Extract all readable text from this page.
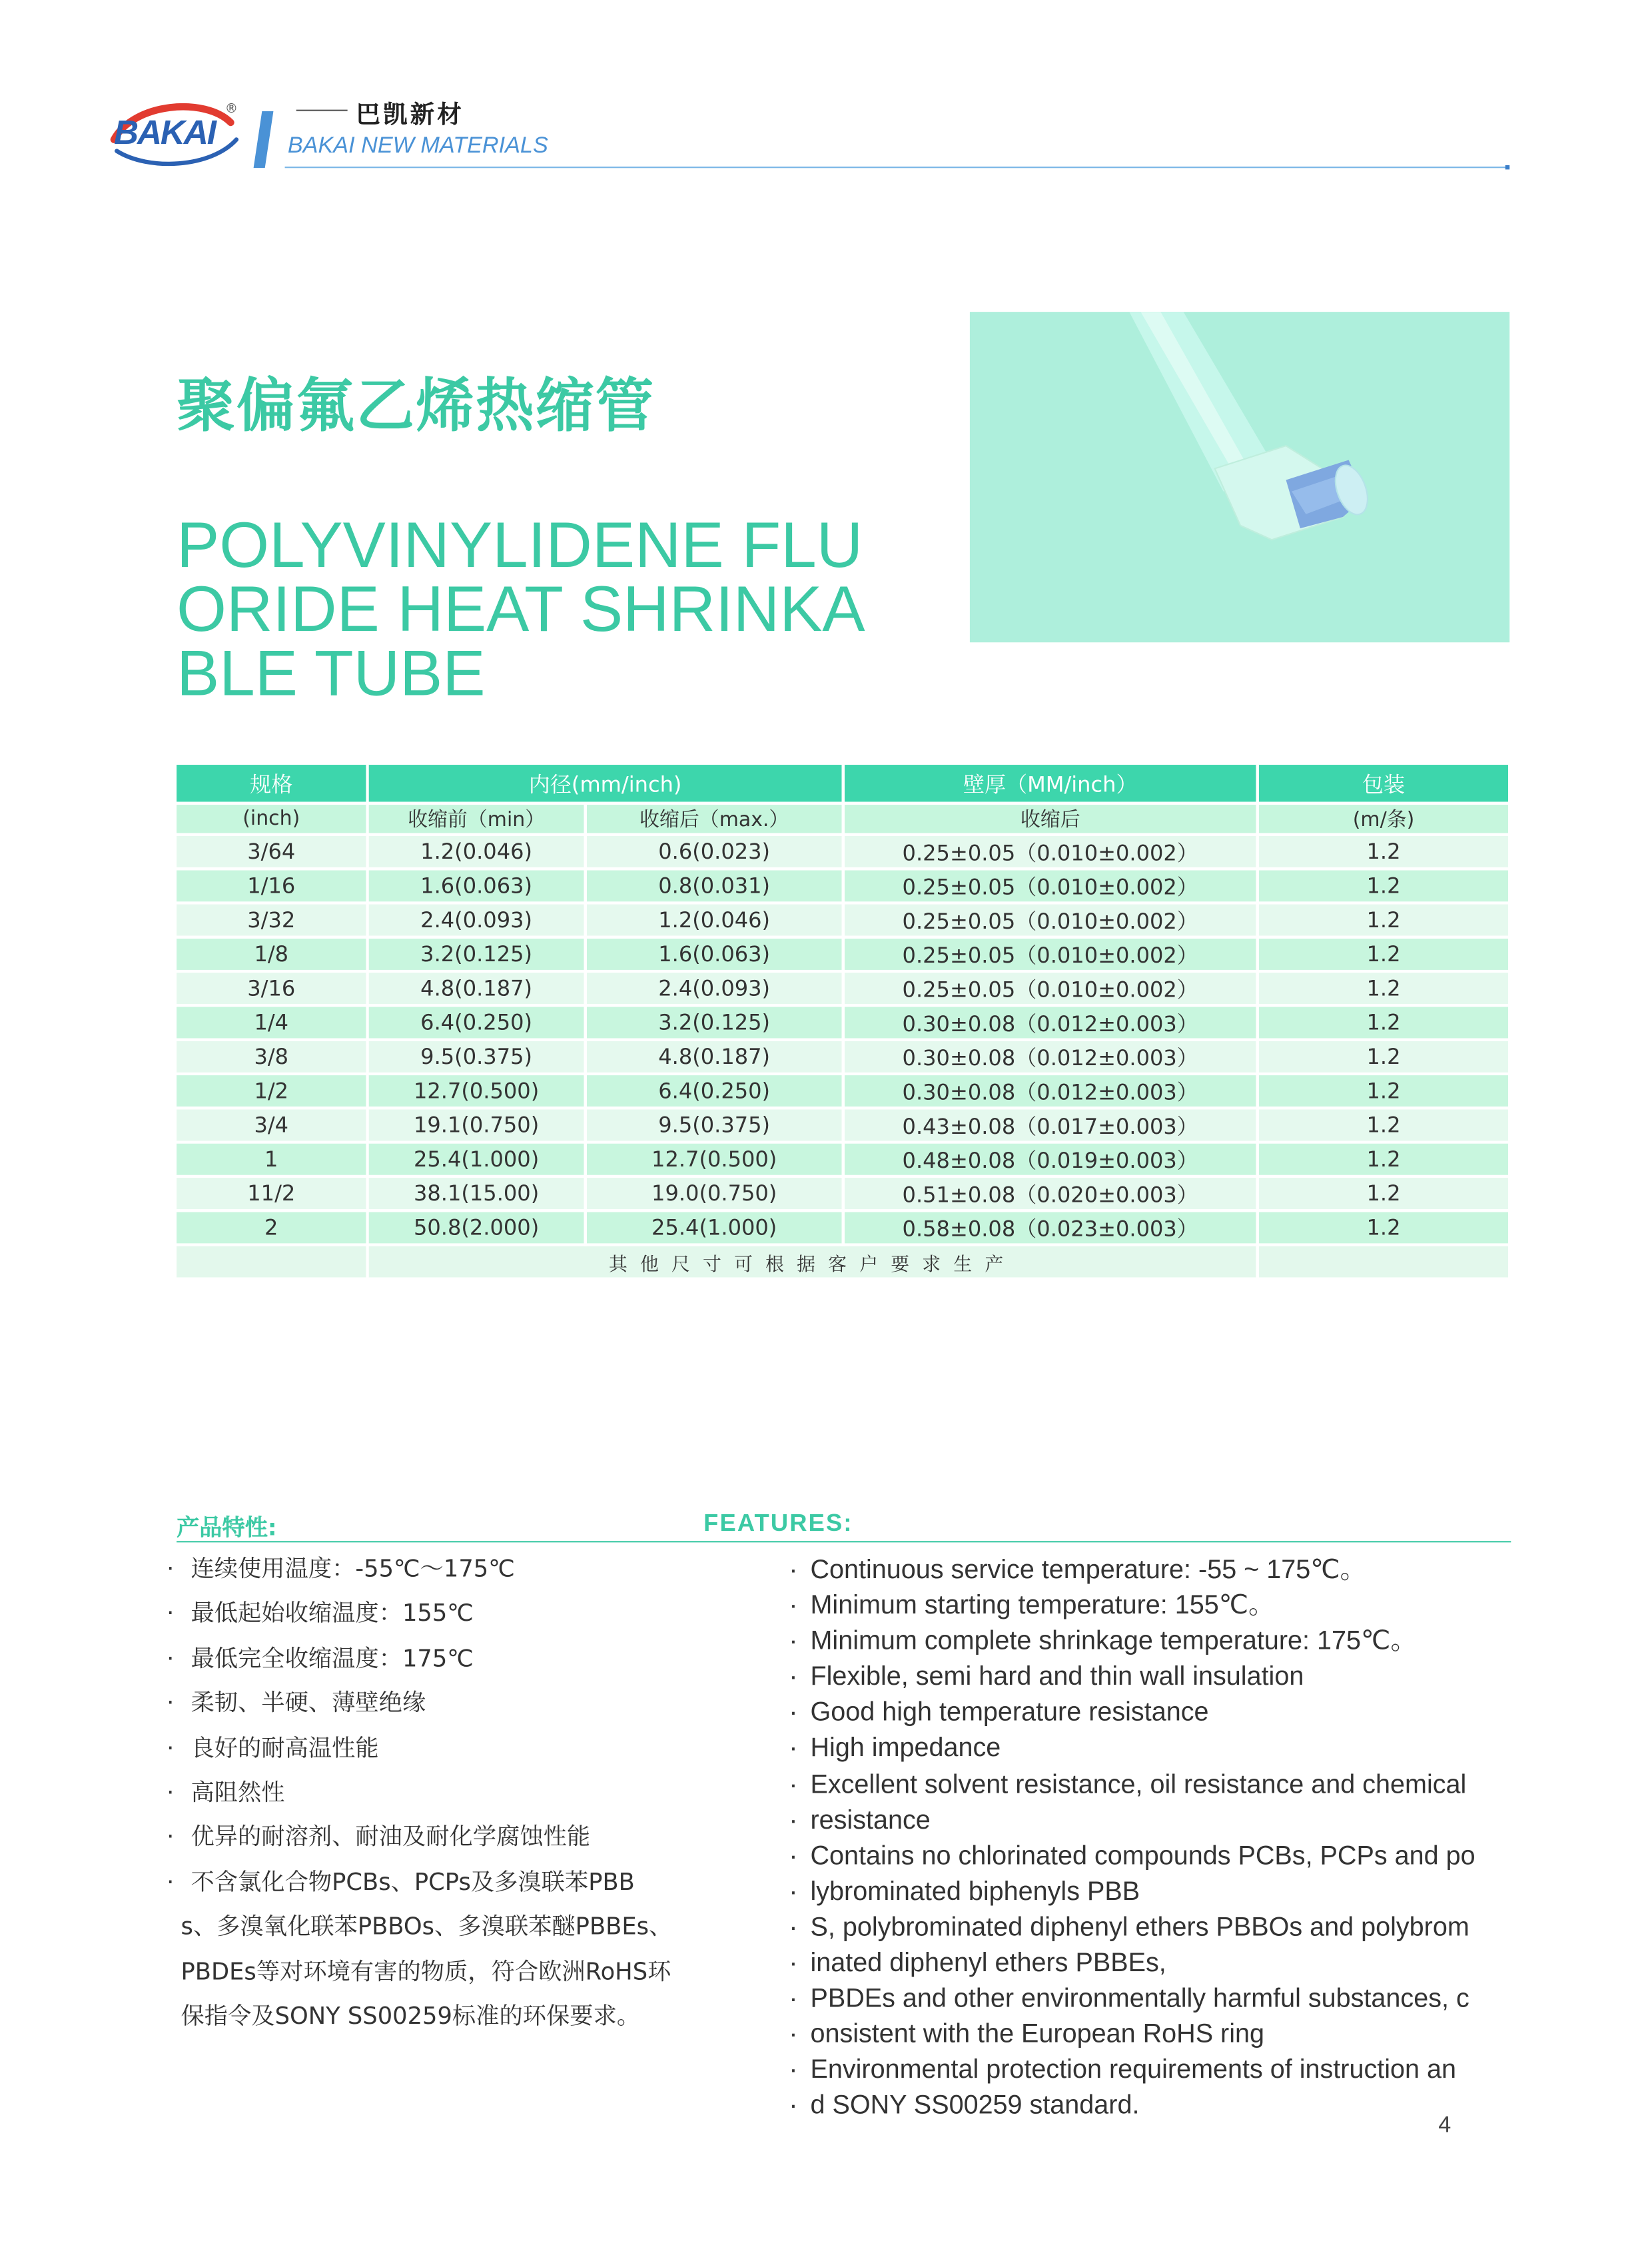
BAKAI
®	巴凯新材
BAKAI NEW MATERIALS
聚偏氟乙烯热缩管
POLYVINYLIDENE FLU
ORIDE HEAT SHRINKA
BLE TUBE
规格	内径(mm/inch)		壁厚（MM/inch）	包装
(inch)	收缩前（min）	收缩后（max.）	收缩后	(m/条)
3/64	1.2(0.046)	0.6(0.023)	0.25±0.05（0.010±0.002）	1.2
1/16	1.6(0.063)	0.8(0.031)	0.25±0.05（0.010±0.002）	1.2
3/32	2.4(0.093)	1.2(0.046)	0.25±0.05（0.010±0.002）	1.2
1/8	3.2(0.125)	1.6(0.063)	0.25±0.05（0.010±0.002）	1.2
3/16	4.8(0.187)	2.4(0.093)	0.25±0.05（0.010±0.002）	1.2
1/4	6.4(0.250)	3.2(0.125)	0.30±0.08（0.012±0.003）	1.2
3/8	9.5(0.375)	4.8(0.187)	0.30±0.08（0.012±0.003）	1.2
1/2	12.7(0.500)	6.4(0.250)	0.30±0.08（0.012±0.003）	1.2
3/4	19.1(0.750)	9.5(0.375)	0.43±0.08（0.017±0.003）	1.2
1	25.4(1.000)	12.7(0.500)	0.48±0.08（0.019±0.003）	1.2
11/2	38.1(15.00)	19.0(0.750)	0.51±0.08（0.020±0.003）	1.2
2	50.8(2.000)	25.4(1.000)	0.58±0.08（0.023±0.003）	1.2
	其他尺寸可根据客户要求生产			
产品特性:	FEATURES:
· 连续使用温度：-55℃～175℃
· 最低起始收缩温度：155℃
· 最低完全收缩温度：175℃
· 柔韧、半硬、薄壁绝缘
· 良好的耐高温性能
· 高阻然性
· 优异的耐溶剂、耐油及耐化学腐蚀性能
· 不含氯化合物PCBs、PCPs及多溴联苯PBB
s、多溴氧化联苯PBBOs、多溴联苯醚PBBEs、
PBDEs等对环境有害的物质，符合欧洲RoHS环
保指令及SONY SS00259标准的环保要求。
· Continuous service temperature: -55 ~ 175℃。
· Minimum starting temperature: 155℃。
· Minimum complete shrinkage temperature: 175℃。
· Flexible, semi hard and thin wall insulation
· Good high temperature resistance
· High impedance
· Excellent solvent resistance, oil resistance and chemical
· resistance
· Contains no chlorinated compounds PCBs, PCPs and po
· lybrominated biphenyls PBB
· S, polybrominated diphenyl ethers PBBOs and polybrom
· inated diphenyl ethers PBBEs,
· PBDEs and other environmentally harmful substances, c
· onsistent with the European RoHS ring
· Environmental protection requirements of instruction an
· d SONY SS00259 standard.
4
